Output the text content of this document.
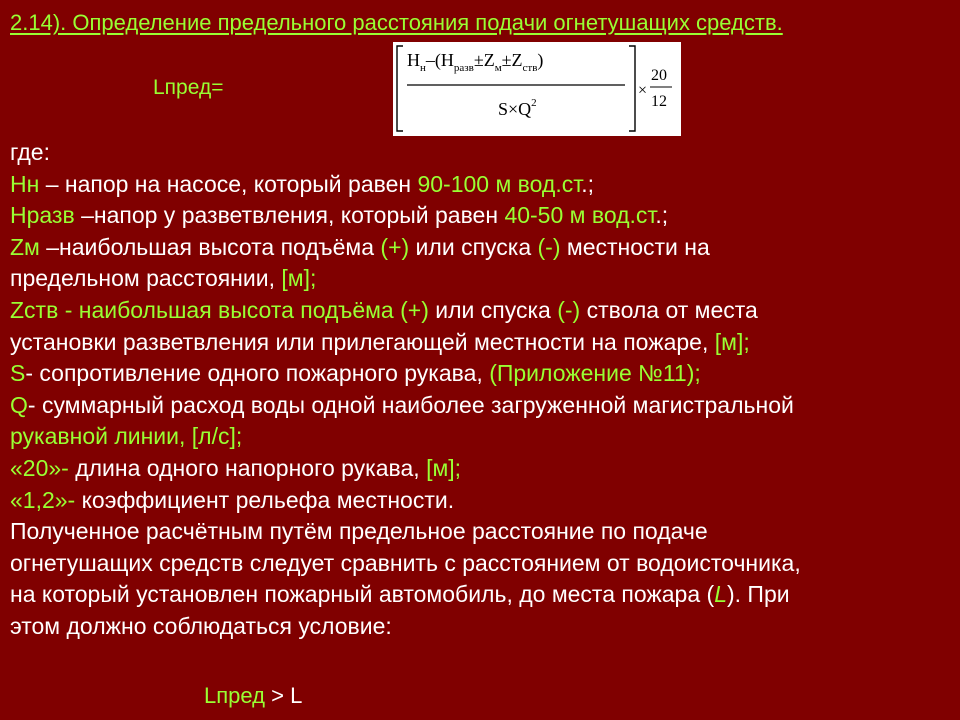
2.14). Определение предельного расстояния подачи огнетушащих средств.
Lпред=
$H_н-(H_{разв}\pm Z_м\pm Z_{ств})$
$S\times Q^2$
×
20
12
где:
Нн – напор на насосе, который равен 90-100 м вод.ст.;
Нразв –напор у разветвления, который равен 40-50 м вод.ст.;
Zм –наибольшая высота подъёма (+) или спуска (-) местности на
предельном расстоянии, [м];
Zств - наибольшая высота подъёма (+) или спуска (-) ствола от места
установки разветвления или прилегающей местности на пожаре, [м];
S- сопротивление одного пожарного рукава, (Приложение №11);
Q- суммарный расход воды одной наиболее загруженной магистральной
рукавной линии, [л/с];
«20»- длина одного напорного рукава, [м];
«1,2»- коэффициент рельефа местности.
Полученное расчётным путём предельное расстояние по подаче
огнетушащих средств следует сравнить с расстоянием от водоисточника,
на который установлен пожарный автомобиль, до места пожара (L). При
этом должно соблюдаться условие:
Lпред > L
